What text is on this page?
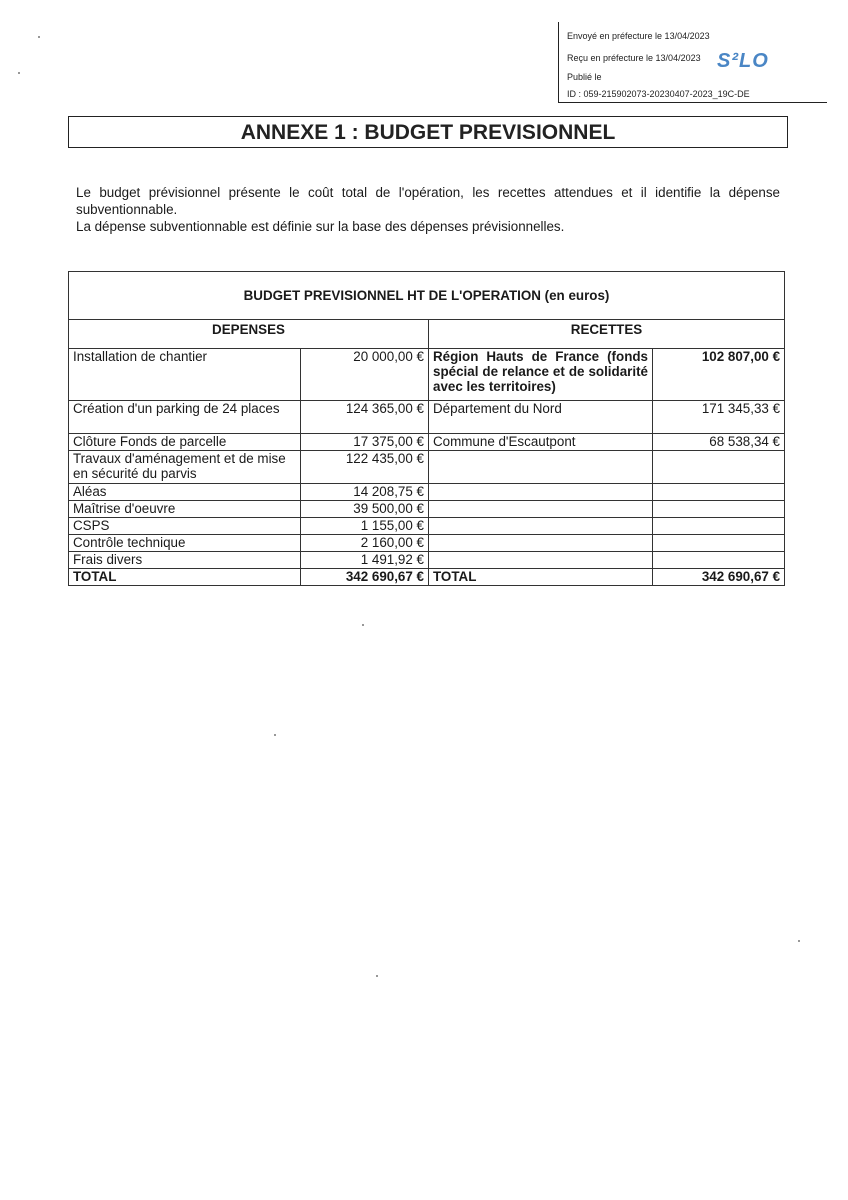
Envoyé en préfecture le 13/04/2023
Reçu en préfecture le 13/04/2023
Publié le
ID : 059-215902073-20230407-2023_19C-DE
S²LO
ANNEXE 1 : BUDGET PREVISIONNEL

Le budget prévisionnel présente le coût total de l'opération, les recettes attendues et il identifie la dépense subventionnable.

La dépense subventionnable est définie sur la base des dépenses prévisionnelles.

BUDGET PREVISIONNEL HT DE L'OPERATION (en euros)			
DEPENSES		RECETTES	
Installation de chantier	20 000,00 €	Région Hauts de France (fonds spécial de relance et de solidarité avec les territoires)	102 807,00 €
Création d'un parking de 24 places	124 365,00 €	Département du Nord	171 345,33 €
Clôture Fonds de parcelle	17 375,00 €	Commune d'Escautpont	68 538,34 €
Travaux d'aménagement et de mise en sécurité du parvis	122 435,00 €		
Aléas	14 208,75 €		
Maîtrise d'oeuvre	39 500,00 €		
CSPS	1 155,00 €		
Contrôle technique	2 160,00 €		
Frais divers	1 491,92 €		
TOTAL	342 690,67 €	TOTAL	342 690,67 €
